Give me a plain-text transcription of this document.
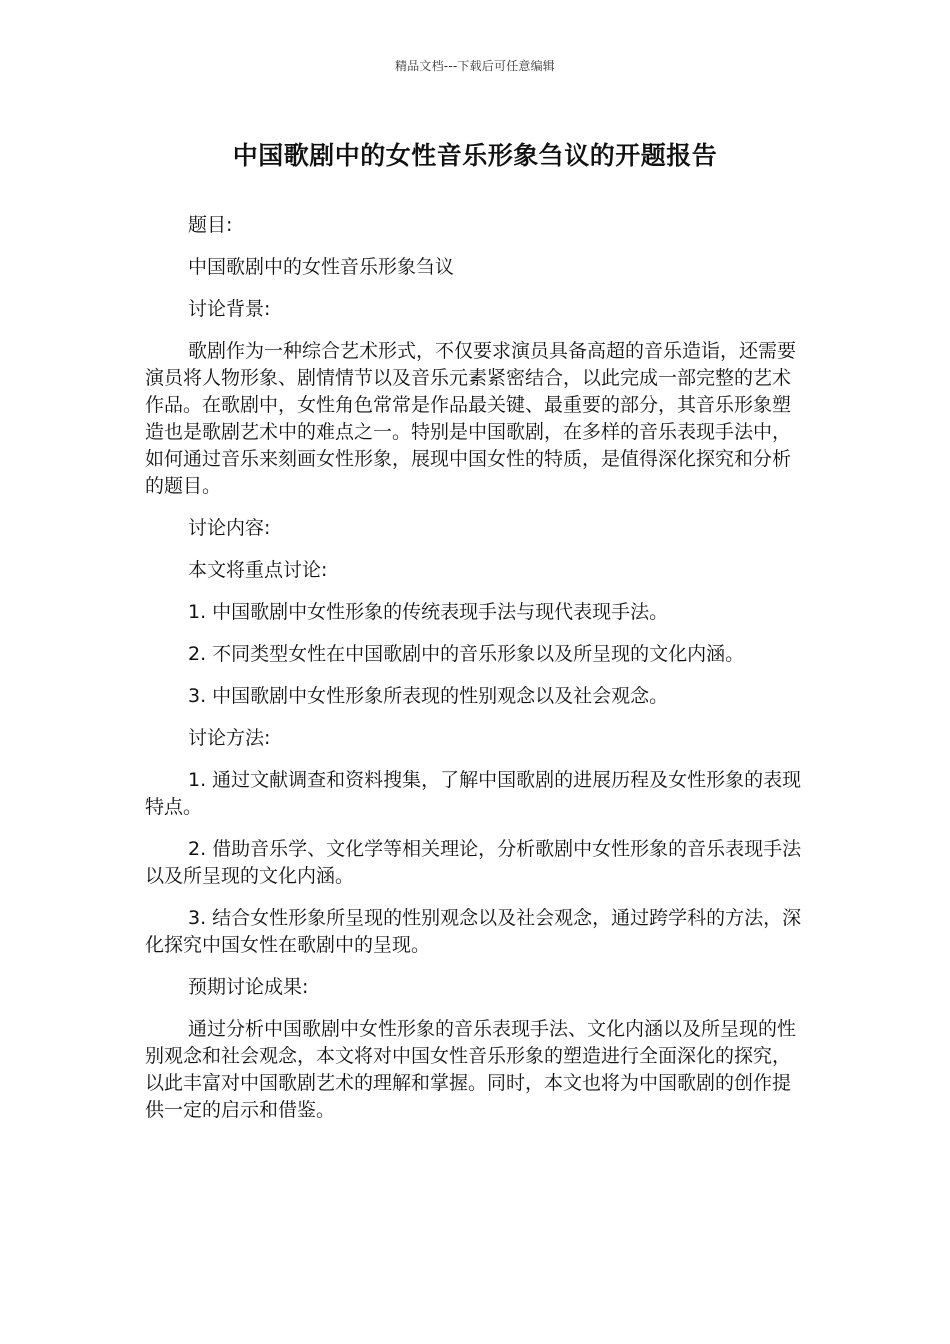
精品文档---下载后可任意编辑
中国歌剧中的女性音乐形象刍议的开题报告

题目:

中国歌剧中的女性音乐形象刍议

讨论背景:

歌剧作为一种综合艺术形式，不仅要求演员具备高超的音乐造诣，还需要演员将人物形象、剧情情节以及音乐元素紧密结合，以此完成一部完整的艺术作品。在歌剧中，女性角色常常是作品最关键、最重要的部分，其音乐形象塑造也是歌剧艺术中的难点之一。特别是中国歌剧，在多样的音乐表现手法中，如何通过音乐来刻画女性形象，展现中国女性的特质，是值得深化探究和分析的题目。

讨论内容:

本文将重点讨论:

1. 中国歌剧中女性形象的传统表现手法与现代表现手法。

2. 不同类型女性在中国歌剧中的音乐形象以及所呈现的文化内涵。

3. 中国歌剧中女性形象所表现的性别观念以及社会观念。

讨论方法:

1. 通过文献调查和资料搜集，了解中国歌剧的进展历程及女性形象的表现特点。

2. 借助音乐学、文化学等相关理论，分析歌剧中女性形象的音乐表现手法以及所呈现的文化内涵。

3. 结合女性形象所呈现的性别观念以及社会观念，通过跨学科的方法，深化探究中国女性在歌剧中的呈现。

预期讨论成果:

通过分析中国歌剧中女性形象的音乐表现手法、文化内涵以及所呈现的性别观念和社会观念，本文将对中国女性音乐形象的塑造进行全面深化的探究，以此丰富对中国歌剧艺术的理解和掌握。同时，本文也将为中国歌剧的创作提供一定的启示和借鉴。
